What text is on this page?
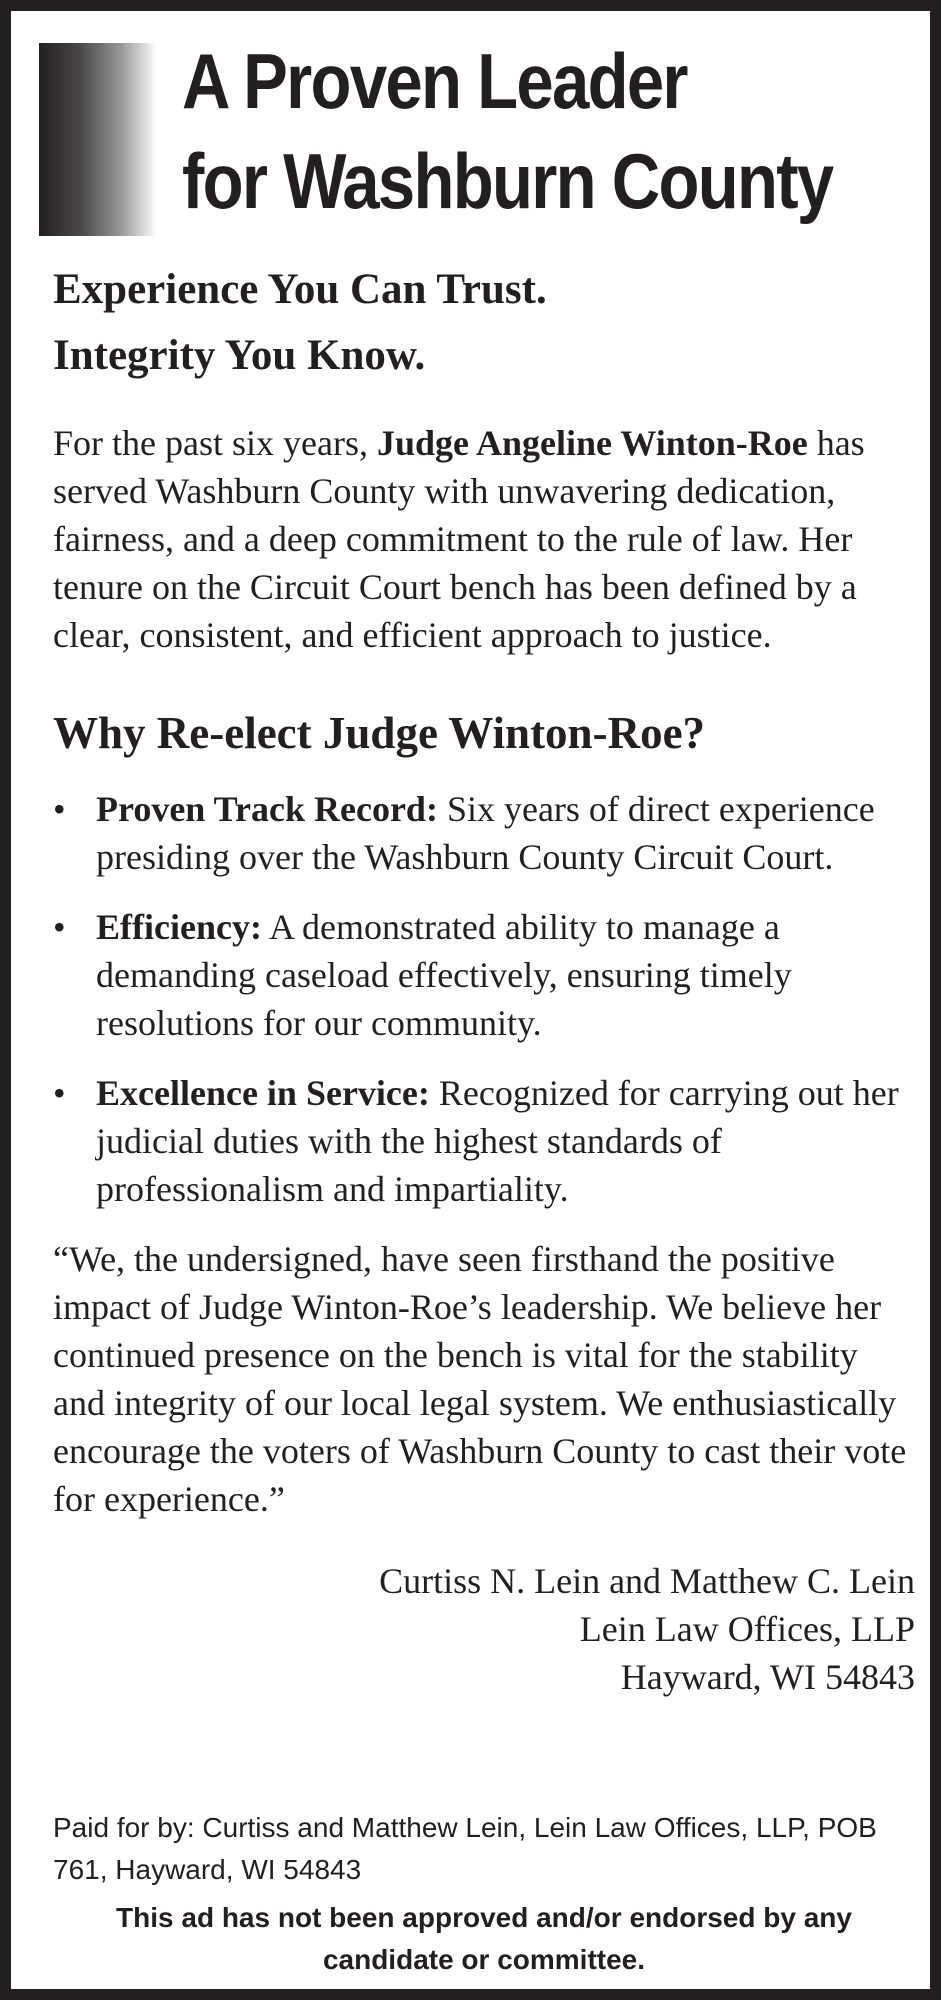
A Proven Leader
for Washburn County
Experience You Can Trust.
Integrity You Know.

For the past six years, Judge Angeline Winton-Roe has served Washburn County with unwavering dedication, fairness, and a deep commitment to the rule of law. Her tenure on the Circuit Court bench has been defined by a clear, consistent, and efficient approach to justice.

Why Re-elect Judge Winton-Roe?
• Proven Track Record: Six years of direct experience presiding over the Washburn County Circuit Court.
• Efficiency: A demonstrated ability to manage a demanding caseload effectively, ensuring timely resolutions for our community.
• Excellence in Service: Recognized for carrying out her judicial duties with the highest standards of professionalism and impartiality.

“We, the undersigned, have seen firsthand the positive impact of Judge Winton-Roe’s leadership. We believe her continued presence on the bench is vital for the stability and integrity of our local legal system. We enthusiastically encourage the voters of Washburn County to cast their vote for experience.”

Curtiss N. Lein and Matthew C. Lein
Lein Law Offices, LLP
Hayward, WI 54843

Paid for by: Curtiss and Matthew Lein, Lein Law Offices, LLP, POB 761, Hayward, WI 54843

This ad has not been approved and/or endorsed by any candidate or committee.
